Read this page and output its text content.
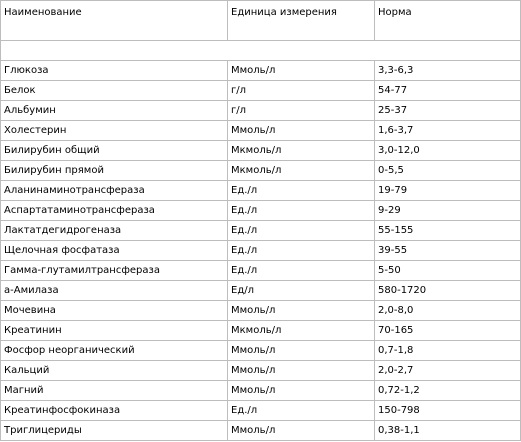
Наименование	Единица измерения	Норма

Глюкоза	Ммоль/л	3,3-6,3
Белок	г/л	54-77
Альбумин	г/л	25-37
Холестерин	Ммоль/л	1,6-3,7
Билирубин общий	Мкмоль/л	3,0-12,0
Билирубин прямой	Мкмоль/л	0-5,5
Аланинаминотрансфераза	Ед./л	19-79
Аспартатаминотрансфераза	Ед./л	9-29
Лактатдегидрогеназа	Ед./л	55-155
Щелочная фосфатаза	Ед./л	39-55
Гамма-глутамилтрансфераза	Ед./л	5-50
а-Амилаза	Ед/л	580-1720
Мочевина	Ммоль/л	2,0-8,0
Креатинин	Мкмоль/л	70-165
Фосфор неорганический	Ммоль/л	0,7-1,8
Кальций	Ммоль/л	2,0-2,7
Магний	Ммоль/л	0,72-1,2
Креатинфосфокиназа	Ед./л	150-798
Триглицериды	Ммоль/л	0,38-1,1
